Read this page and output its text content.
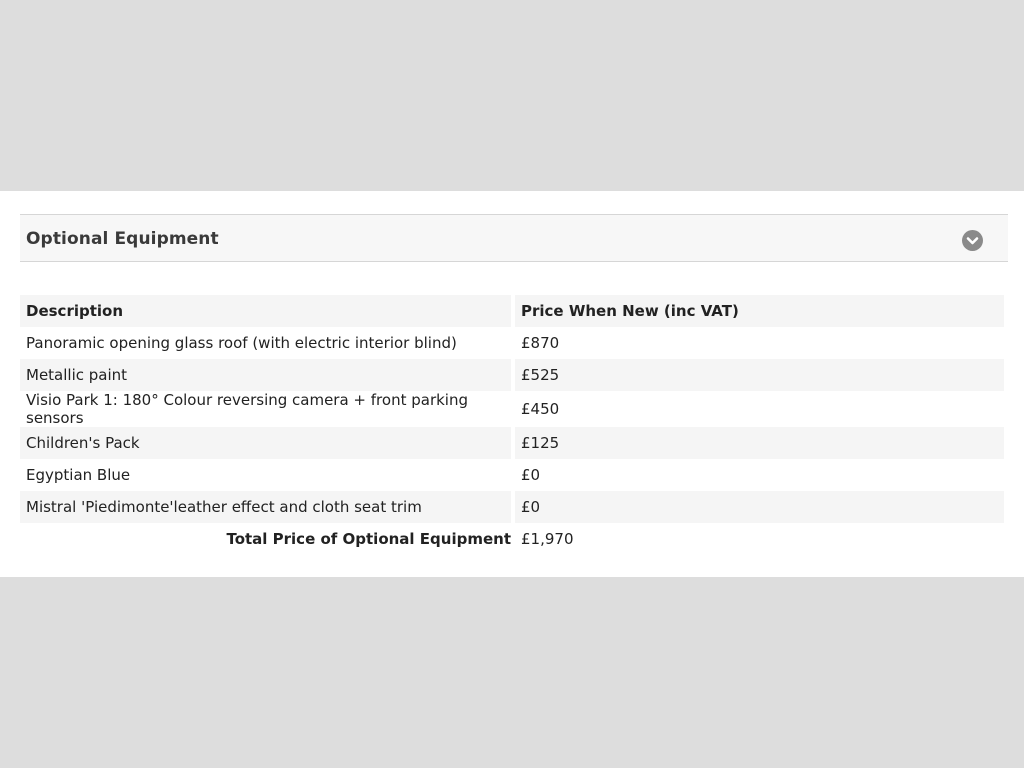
Optional Equipment
Description		Price When New (inc VAT)
Panoramic opening glass roof (with electric interior blind)		£870
Metallic paint		£525
Visio Park 1: 180° Colour reversing camera + front parking sensors		£450
Children's Pack		£125
Egyptian Blue		£0
Mistral 'Piedimonte'leather effect and cloth seat trim		£0
Total Price of Optional Equipment		£1,970
